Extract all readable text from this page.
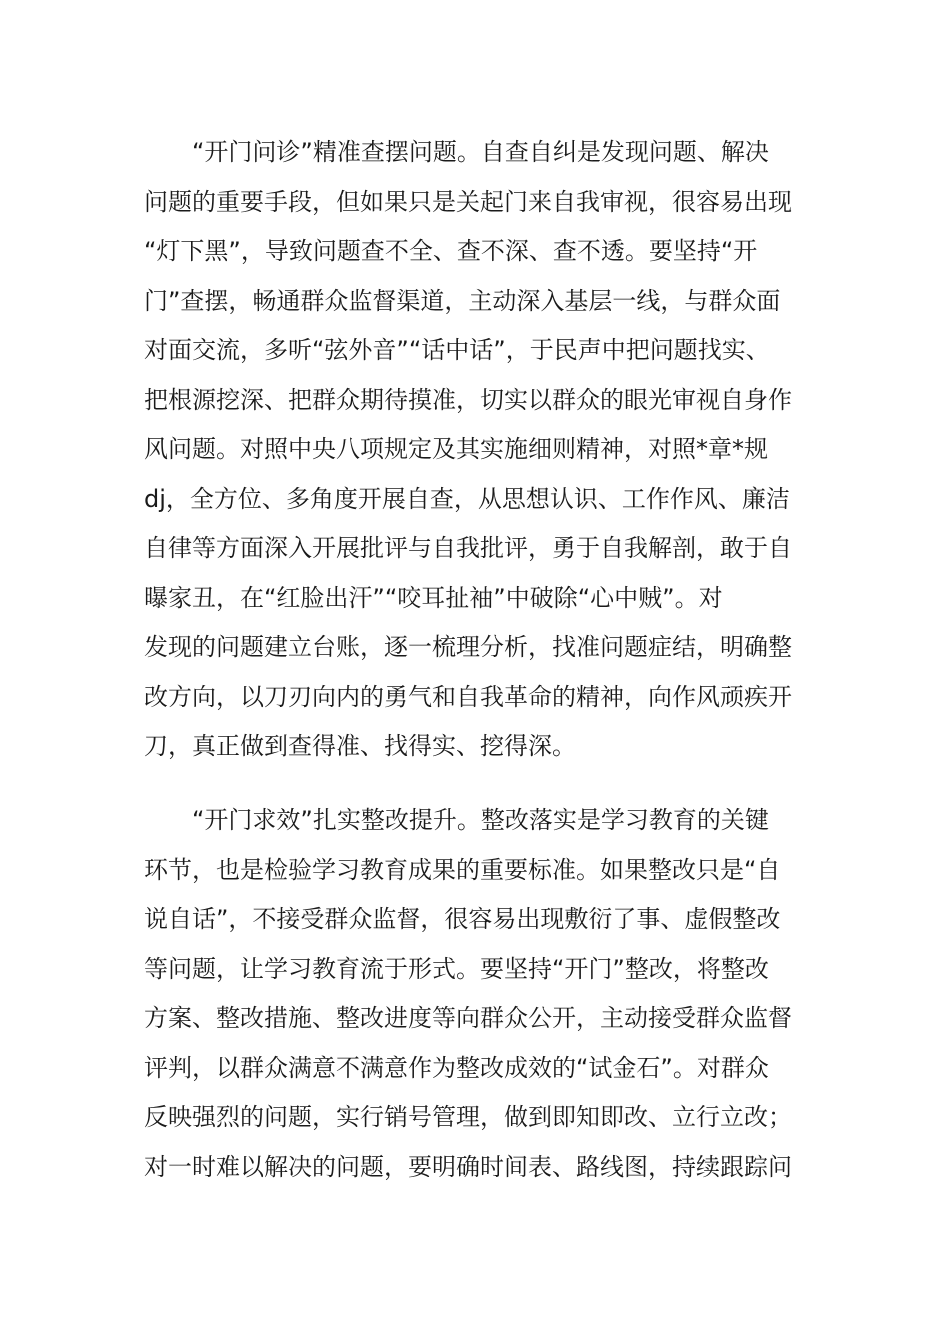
　　“开门问诊”精准查摆问题。自查自纠是发现问题、解决
问题的重要手段，但如果只是关起门来自我审视，很容易出现
“灯下黑”，导致问题查不全、查不深、查不透。要坚持“开
门”查摆，畅通群众监督渠道，主动深入基层一线，与群众面
对面交流，多听“弦外音”“话中话”，于民声中把问题找实、
把根源挖深、把群众期待摸准，切实以群众的眼光审视自身作
风问题。对照中央八项规定及其实施细则精神，对照*章*规
dj，全方位、多角度开展自查，从思想认识、工作作风、廉洁
自律等方面深入开展批评与自我批评，勇于自我解剖，敢于自
曝家丑，在“红脸出汗”“咬耳扯袖”中破除“心中贼”。对
发现的问题建立台账，逐一梳理分析，找准问题症结，明确整
改方向，以刀刃向内的勇气和自我革命的精神，向作风顽疾开
刀，真正做到查得准、找得实、挖得深。
　　“开门求效”扎实整改提升。整改落实是学习教育的关键
环节，也是检验学习教育成果的重要标准。如果整改只是“自
说自话”，不接受群众监督，很容易出现敷衍了事、虚假整改
等问题，让学习教育流于形式。要坚持“开门”整改，将整改
方案、整改措施、整改进度等向群众公开，主动接受群众监督
评判，以群众满意不满意作为整改成效的“试金石”。对群众
反映强烈的问题，实行销号管理，做到即知即改、立行立改；
对一时难以解决的问题，要明确时间表、路线图，持续跟踪问
